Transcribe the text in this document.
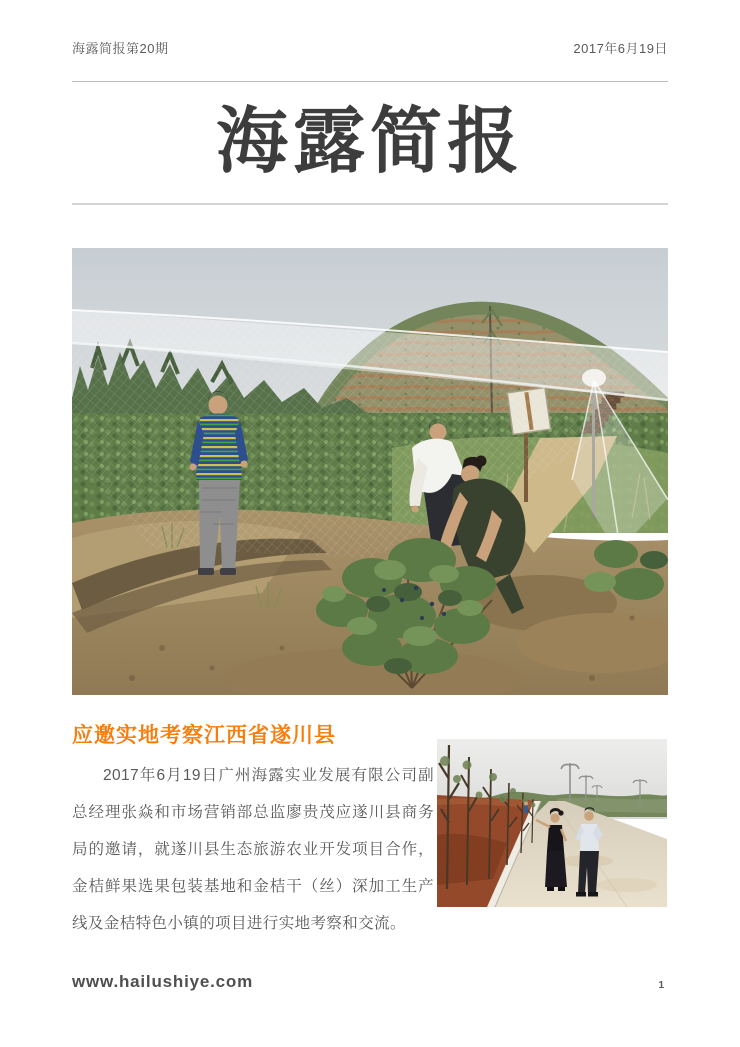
海露简报第20期	2017年6月19日
海露简报
应邀实地考察江西省遂川县
2017年6月19日广州海露实业发展有限公司副总经理张焱和市场营销部总监廖贵茂应遂川县商务局的邀请，就遂川县生态旅游农业开发项目合作，金桔鲜果选果包装基地和金桔干（丝）深加工生产线及金桔特色小镇的项目进行实地考察和交流。
www.hailushiye.com	1
